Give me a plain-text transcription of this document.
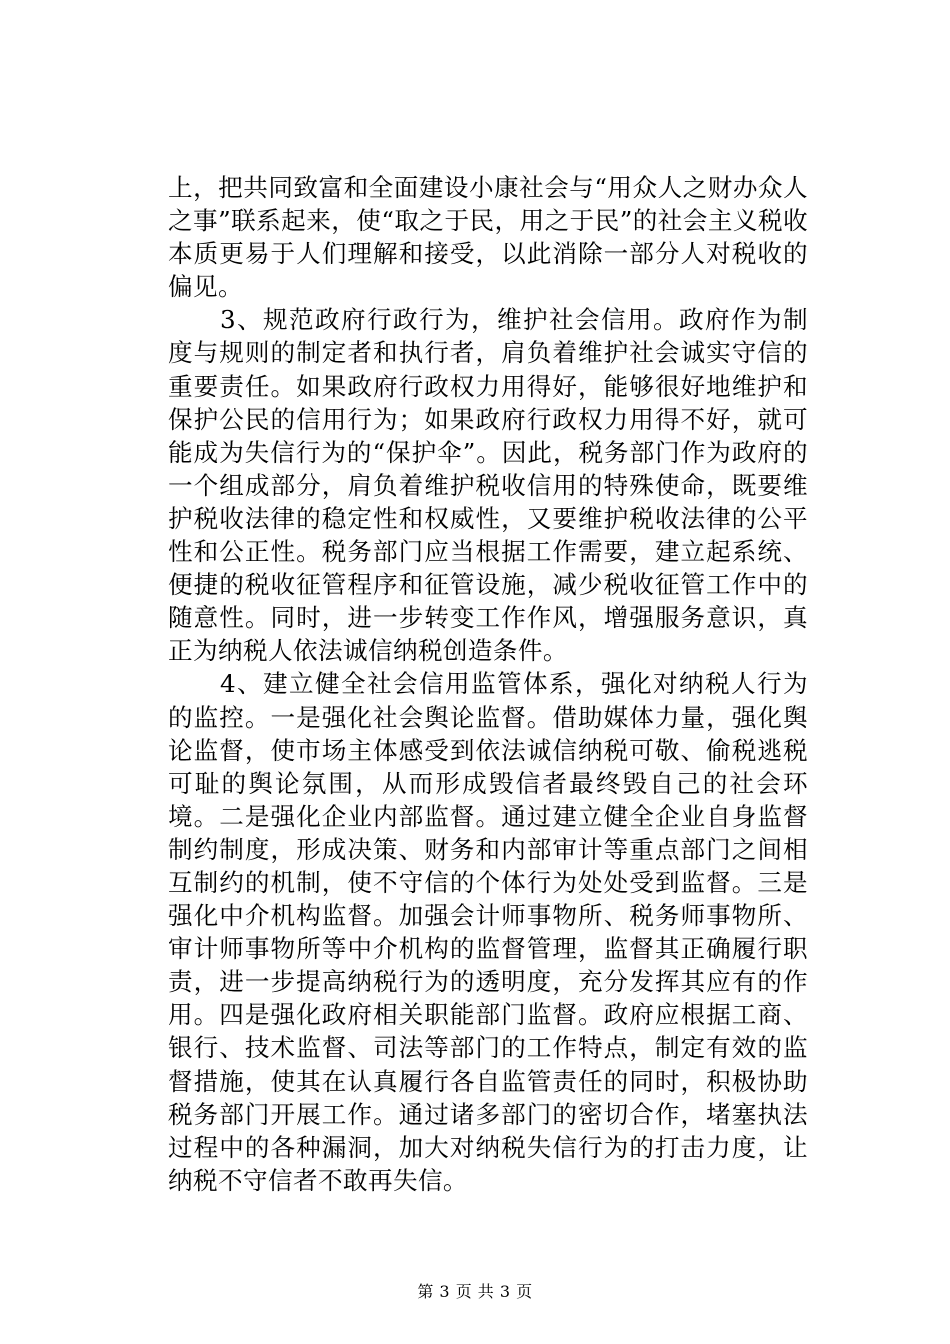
上，把共同致富和全面建设小康社会与“用众人之财办众人之事”联系起来，使“取之于民，用之于民”的社会主义税收本质更易于人们理解和接受，以此消除一部分人对税收的偏见。

3、规范政府行政行为，维护社会信用。政府作为制度与规则的制定者和执行者，肩负着维护社会诚实守信的重要责任。如果政府行政权力用得好，能够很好地维护和保护公民的信用行为；如果政府行政权力用得不好，就可能成为失信行为的“保护伞”。因此，税务部门作为政府的一个组成部分，肩负着维护税收信用的特殊使命，既要维护税收法律的稳定性和权威性，又要维护税收法律的公平性和公正性。税务部门应当根据工作需要，建立起系统、便捷的税收征管程序和征管设施，减少税收征管工作中的随意性。同时，进一步转变工作作风，增强服务意识，真正为纳税人依法诚信纳税创造条件。

4、建立健全社会信用监管体系，强化对纳税人行为的监控。一是强化社会舆论监督。借助媒体力量，强化舆论监督，使市场主体感受到依法诚信纳税可敬、偷税逃税可耻的舆论氛围，从而形成毁信者最终毁自己的社会环境。二是强化企业内部监督。通过建立健全企业自身监督制约制度，形成决策、财务和内部审计等重点部门之间相互制约的机制，使不守信的个体行为处处受到监督。三是强化中介机构监督。加强会计师事物所、税务师事物所、审计师事物所等中介机构的监督管理，监督其正确履行职责，进一步提高纳税行为的透明度，充分发挥其应有的作用。四是强化政府相关职能部门监督。政府应根据工商、银行、技术监督、司法等部门的工作特点，制定有效的监督措施，使其在认真履行各自监管责任的同时，积极协助税务部门开展工作。通过诸多部门的密切合作，堵塞执法过程中的各种漏洞，加大对纳税失信行为的打击力度，让纳税不守信者不敢再失信。

第 3 页 共 3 页
